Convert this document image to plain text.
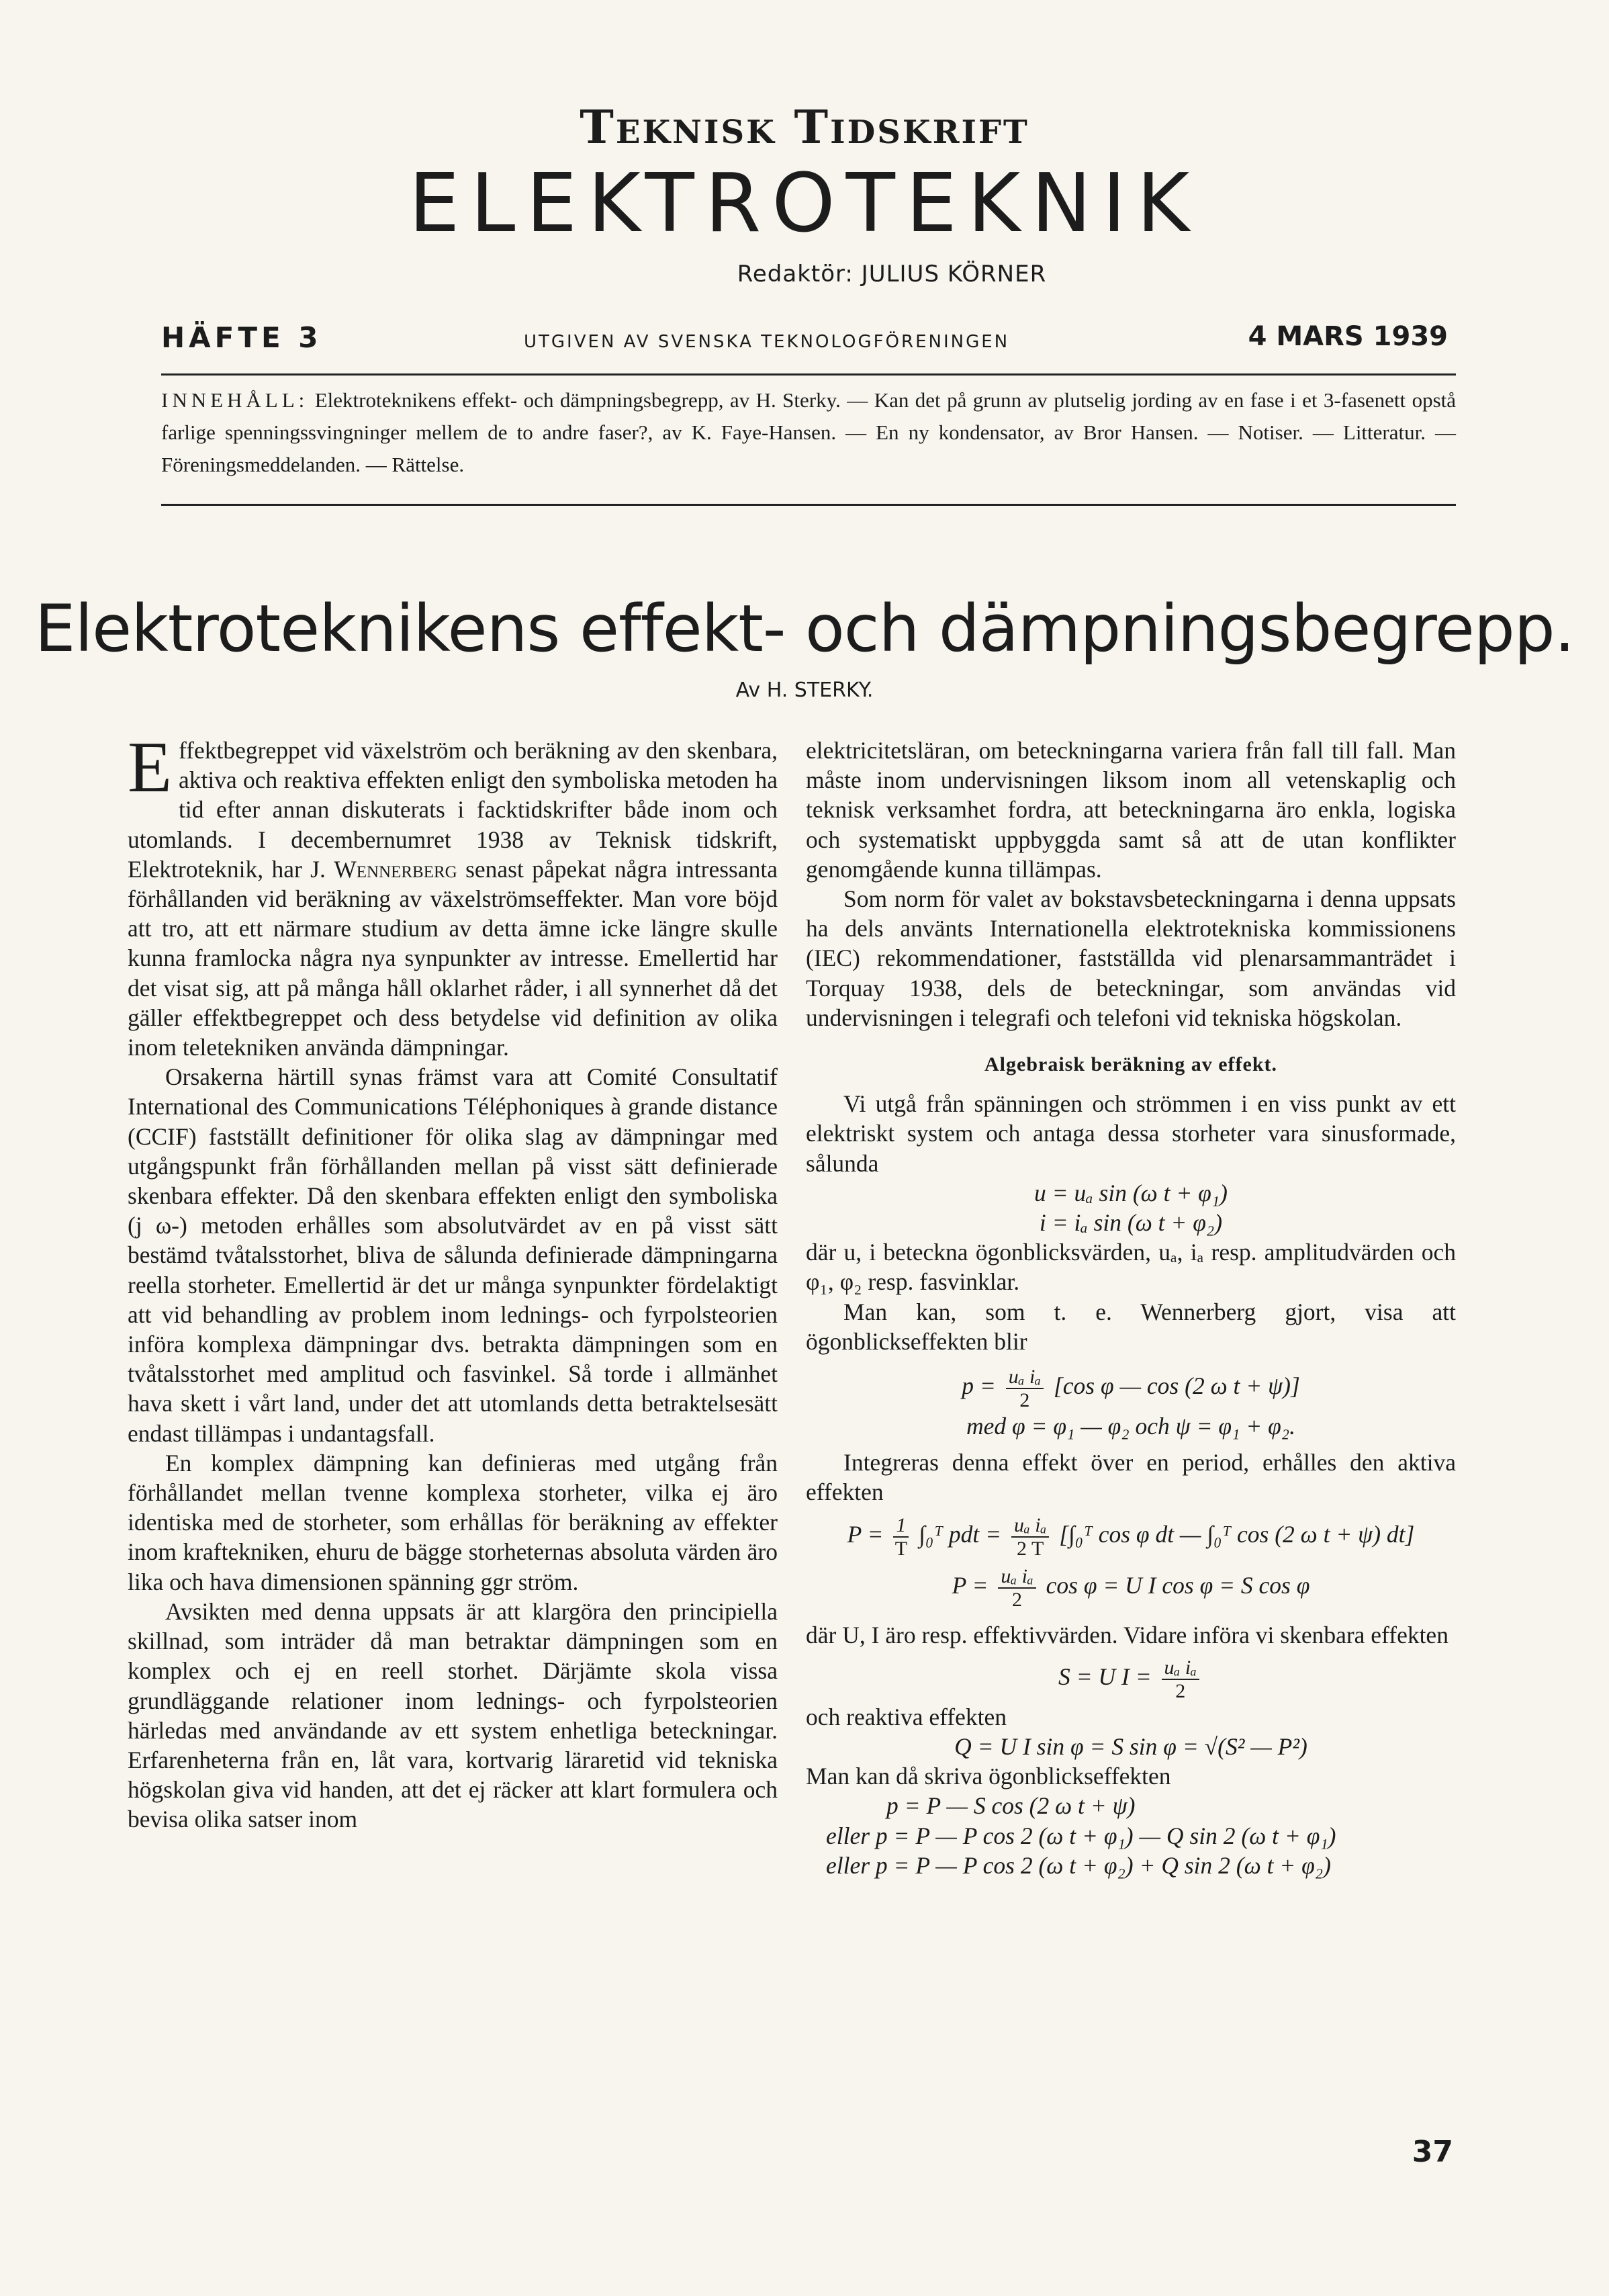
Teknisk Tidskrift
ELEKTROTEKNIK
Redaktör: JULIUS KÖRNER
HÄFTE 3	UTGIVEN AV SVENSKA TEKNOLOGFÖRENINGEN	4 MARS 1939
INNEHÅLL: Elektroteknikens effekt- och dämpningsbegrepp, av H. Sterky. — Kan det på grunn av plutselig jording av en fase i et 3-fasenett opstå farlige spenningssvingninger mellem de to andre faser?, av K. Faye-Hansen. — En ny kondensator, av Bror Hansen. — Notiser. — Litteratur. — Föreningsmeddelanden. — Rättelse.
Elektroteknikens effekt- och dämpningsbegrepp.
Av H. STERKY.

Effektbegreppet vid växelström och beräkning av den skenbara, aktiva och reaktiva effekten enligt den symboliska metoden ha tid efter annan diskuterats i facktidskrifter både inom och utomlands. I decembernumret 1938 av Teknisk tidskrift, Elektroteknik, har J. Wennerberg senast påpekat några intressanta förhållanden vid beräkning av växelströmseffekter. Man vore böjd att tro, att ett närmare studium av detta ämne icke längre skulle kunna framlocka några nya synpunkter av intresse. Emellertid har det visat sig, att på många håll oklarhet råder, i all synnerhet då det gäller effektbegreppet och dess betydelse vid definition av olika inom teletekniken använda dämpningar.

Orsakerna härtill synas främst vara att Comité Consultatif International des Communications Téléphoniques à grande distance (CCIF) fastställt definitioner för olika slag av dämpningar med utgångspunkt från förhållanden mellan på visst sätt definierade skenbara effekter. Då den skenbara effekten enligt den symboliska (j ω-) metoden erhålles som absolutvärdet av en på visst sätt bestämd tvåtalsstorhet, bliva de sålunda definierade dämpningarna reella storheter. Emellertid är det ur många synpunkter fördelaktigt att vid behandling av problem inom lednings- och fyrpolsteorien införa komplexa dämpningar dvs. betrakta dämpningen som en tvåtalsstorhet med amplitud och fasvinkel. Så torde i allmänhet hava skett i vårt land, under det att utomlands detta betraktelsesätt endast tillämpas i undantagsfall.

En komplex dämpning kan definieras med utgång från förhållandet mellan tvenne komplexa storheter, vilka ej äro identiska med de storheter, som erhållas för beräkning av effekter inom kraftekniken, ehuru de bägge storheternas absoluta värden äro lika och hava dimensionen spänning ggr ström.

Avsikten med denna uppsats är att klargöra den principiella skillnad, som inträder då man betraktar dämpningen som en komplex och ej en reell storhet. Därjämte skola vissa grundläggande relationer inom lednings- och fyrpolsteorien härledas med användande av ett system enhetliga beteckningar. Erfarenheterna från en, låt vara, kortvarig läraretid vid tekniska högskolan giva vid handen, att det ej räcker att klart formulera och bevisa olika satser inom

elektricitetsläran, om beteckningarna variera från fall till fall. Man måste inom undervisningen liksom inom all vetenskaplig och teknisk verksamhet fordra, att beteckningarna äro enkla, logiska och systematiskt uppbyggda samt så att de utan konflikter genomgående kunna tillämpas.

Som norm för valet av bokstavsbeteckningarna i denna uppsats ha dels använts Internationella elektrotekniska kommissionens (IEC) rekommendationer, fastställda vid plenarsammanträdet i Torquay 1938, dels de beteckningar, som användas vid undervisningen i telegrafi och telefoni vid tekniska högskolan.

Algebraisk beräkning av effekt.

Vi utgå från spänningen och strömmen i en viss punkt av ett elektriskt system och antaga dessa storheter vara sinusformade, sålunda

u = uₐ sin (ω t + φ₁)
i = iₐ sin (ω t + φ₂)

där u, i beteckna ögonblicksvärden, uₐ, iₐ resp. amplitudvärden och φ₁, φ₂ resp. fasvinklar.

Man kan, som t. e. Wennerberg gjort, visa att ögonblickseffekten blir

$p = \frac{\text{uₐ iₐ}}{2} [\cos$ φ — cos (2 ω t + ψ)]
med φ = φ₁ — φ₂ och ψ = φ₁ + φ₂.

Integreras denna effekt över en period, erhålles den aktiva effekten

$P = \frac{1}{T}$ ∫₀ᵀ pdt = $\frac{\text{uₐ iₐ}}{2 T}$ [∫₀ᵀ cos φ dt — ∫₀ᵀ cos (2 ω t + ψ) dt]
$P = \frac{\text{uₐ iₐ}}{2}$ cos φ = U I cos φ = S cos φ

där U, I äro resp. effektivvärden. Vidare införa vi skenbara effekten

S = U $I = \frac{\text{uₐ iₐ}}{2}$

och reaktiva effekten

Q = U I sin φ = S sin φ = √(S² — P²)

Man kan då skriva ögonblickseffekten

p = P — S cos (2 ω t + ψ)
eller p = P — P cos 2 (ω t + φ₁) — Q sin 2 (ω t + φ₁)
eller p = P — P cos 2 (ω t + φ₂) + Q sin 2 (ω t + φ₂)
37
